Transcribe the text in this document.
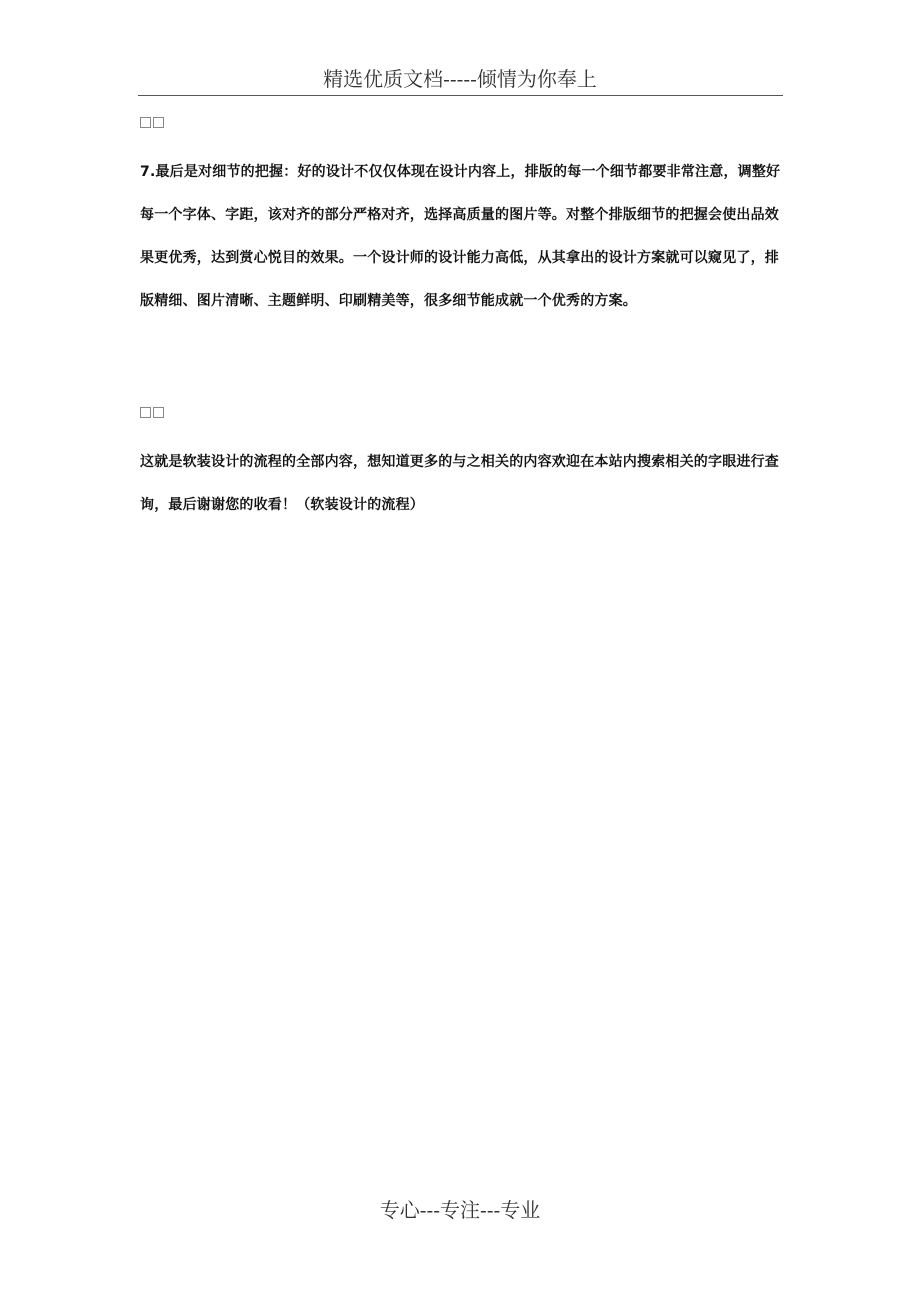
精选优质文档-----倾情为你奉上

7.最后是对细节的把握：好的设计不仅仅体现在设计内容上，排版的每一个细节都要非常注意，调整好每一个字体、字距，该对齐的部分严格对齐，选择高质量的图片等。对整个排版细节的把握会使出品效果更优秀，达到赏心悦目的效果。一个设计师的设计能力高低，从其拿出的设计方案就可以窥见了，排版精细、图片清晰、主题鲜明、印刷精美等，很多细节能成就一个优秀的方案。

这就是软装设计的流程的全部内容，想知道更多的与之相关的内容欢迎在本站内搜索相关的字眼进行查询，最后谢谢您的收看！（软装设计的流程）

专心---专注---专业
